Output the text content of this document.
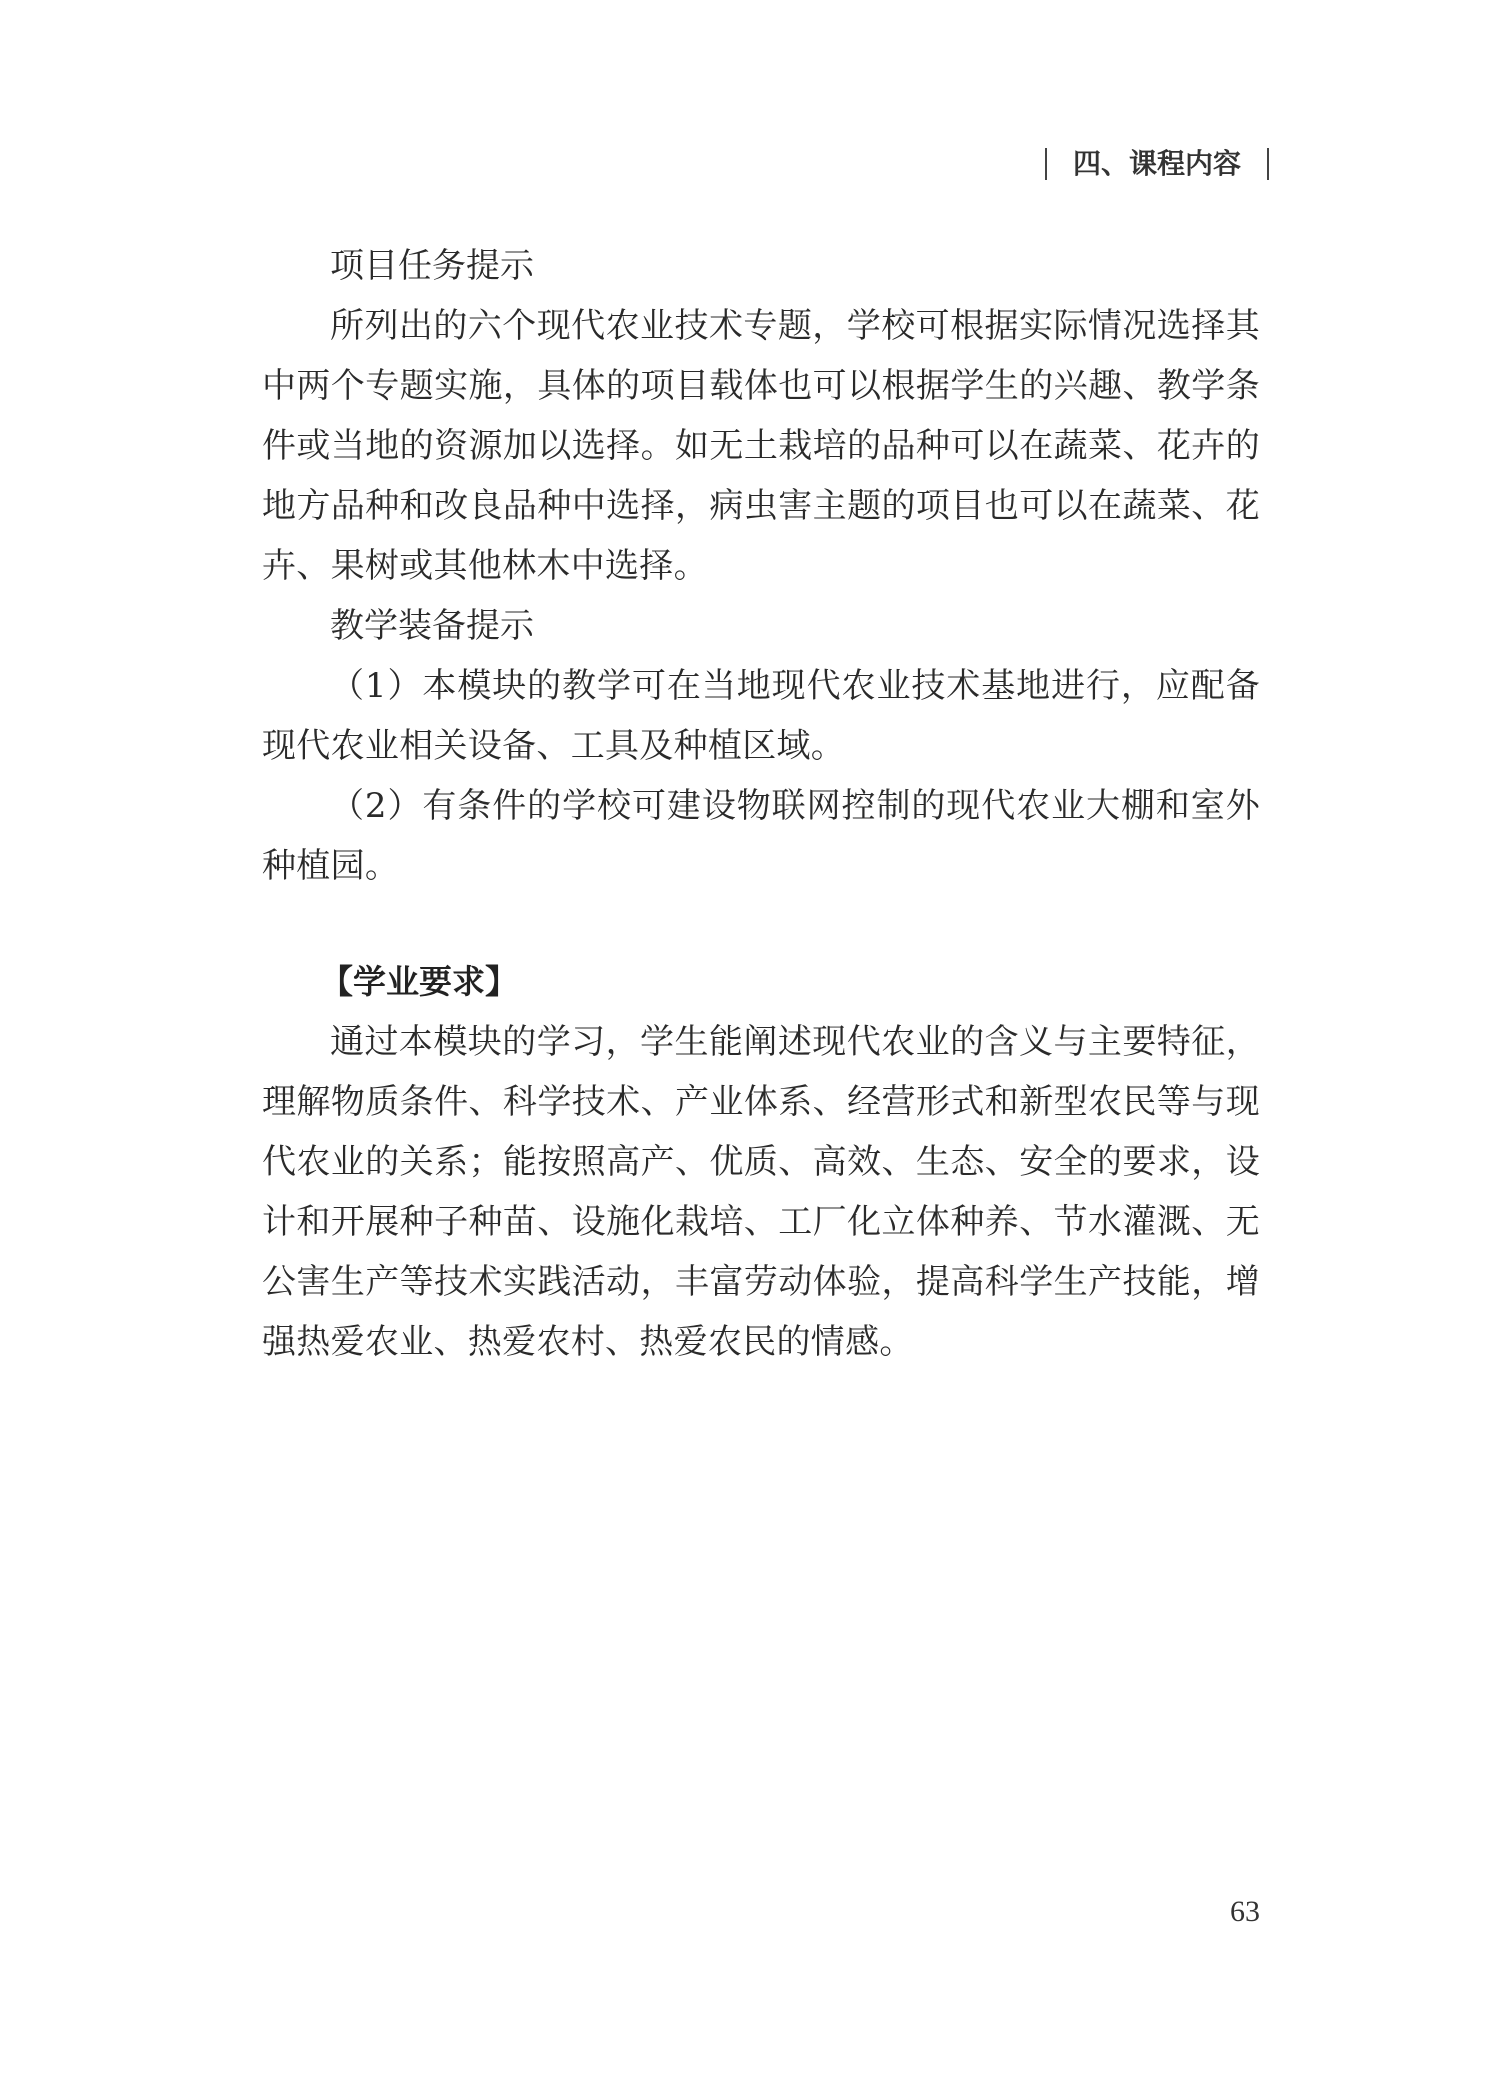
四、课程内容

项目任务提示

所列出的六个现代农业技术专题，学校可根据实际情况选择其中两个专题实施，具体的项目载体也可以根据学生的兴趣、教学条件或当地的资源加以选择。如无土栽培的品种可以在蔬菜、花卉的地方品种和改良品种中选择，病虫害主题的项目也可以在蔬菜、花卉、果树或其他林木中选择。

教学装备提示

（1）本模块的教学可在当地现代农业技术基地进行，应配备现代农业相关设备、工具及种植区域。

（2）有条件的学校可建设物联网控制的现代农业大棚和室外种植园。

【学业要求】

通过本模块的学习，学生能阐述现代农业的含义与主要特征，理解物质条件、科学技术、产业体系、经营形式和新型农民等与现代农业的关系；能按照高产、优质、高效、生态、安全的要求，设计和开展种子种苗、设施化栽培、工厂化立体种养、节水灌溉、无公害生产等技术实践活动，丰富劳动体验，提高科学生产技能，增强热爱农业、热爱农村、热爱农民的情感。

63
